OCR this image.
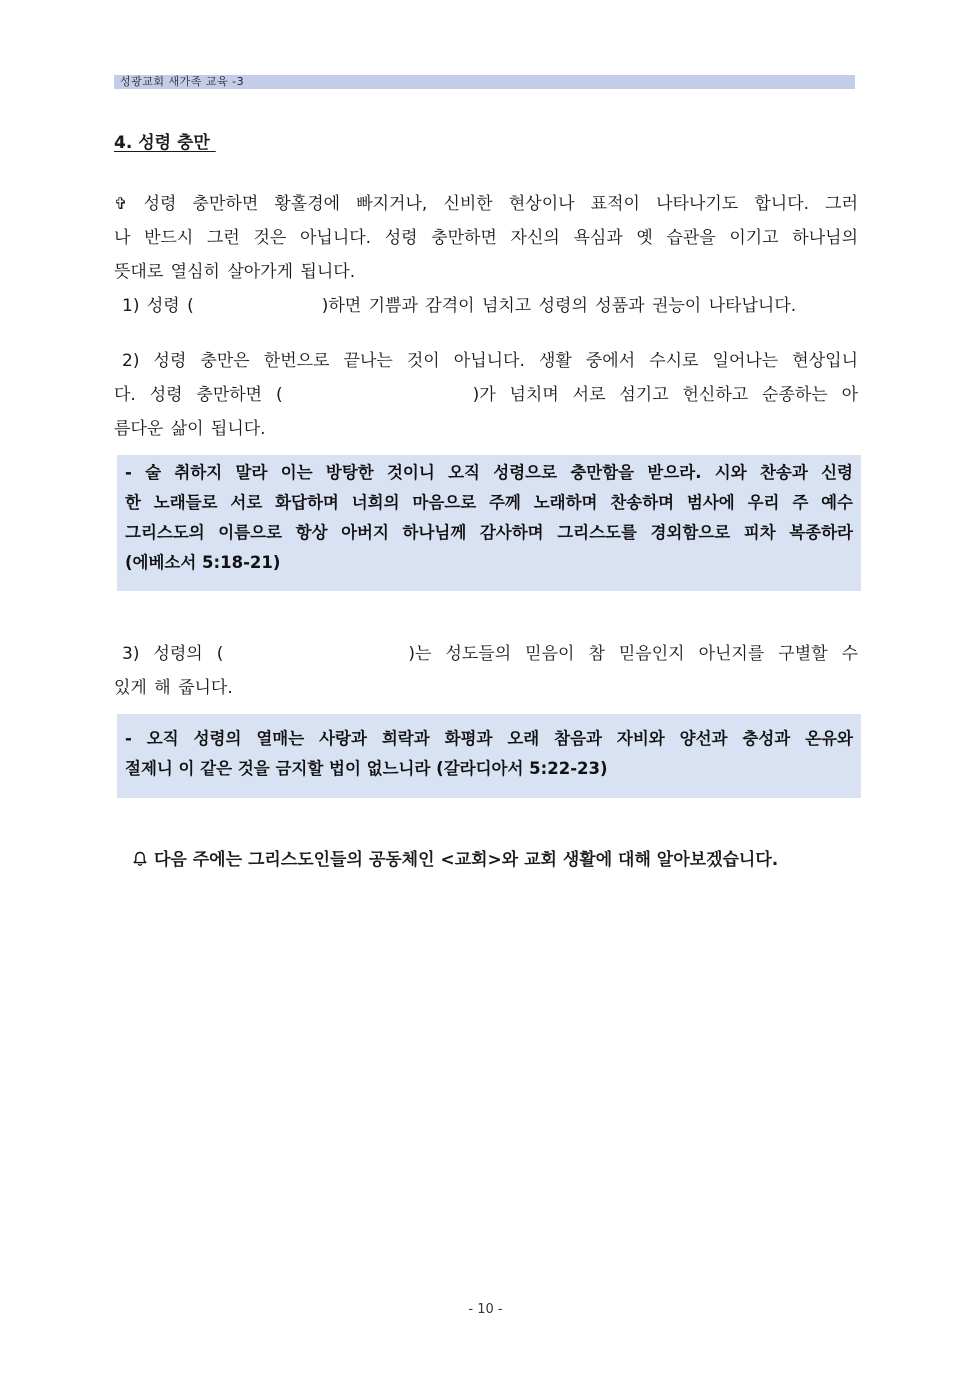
성광교회 새가족 교육 -3
4. 성령 충만
✞ 성령 충만하면 황홀경에 빠지거나, 신비한 현상이나 표적이 나타나기도 합니다. 그러
나 반드시 그런 것은 아닙니다. 성령 충만하면 자신의 욕심과 옛 습관을 이기고 하나님의
뜻대로 열심히 살아가게 됩니다.
1) 성령 (	)하면 기쁨과 감격이 넘치고 성령의 성품과 권능이 나타납니다.
2) 성령 충만은 한번으로 끝나는 것이 아닙니다. 생활 중에서 수시로 일어나는 현상입니
다. 성령 충만하면 (	)가 넘치며 서로 섬기고 헌신하고 순종하는 아
름다운 삶이 됩니다.
- 술 취하지 말라 이는 방탕한 것이니 오직 성령으로 충만함을 받으라. 시와 찬송과 신령
한 노래들로 서로 화답하며 너희의 마음으로 주께 노래하며 찬송하며 범사에 우리 주 예수
그리스도의 이름으로 항상 아버지 하나님께 감사하며 그리스도를 경외함으로 피차 복종하라
(에베소서 5:18-21)
3) 성령의 (	)는 성도들의 믿음이 참 믿음인지 아닌지를 구별할 수
있게 해 줍니다.
- 오직 성령의 열매는 사랑과 희락과 화평과 오래 참음과 자비와 양선과 충성과 온유와
절제니 이 같은 것을 금지할 법이 없느니라 (갈라디아서 5:22-23)
다음 주에는 그리스도인들의 공동체인 <교회>와 교회 생활에 대해 알아보겠습니다.
- 10 -
